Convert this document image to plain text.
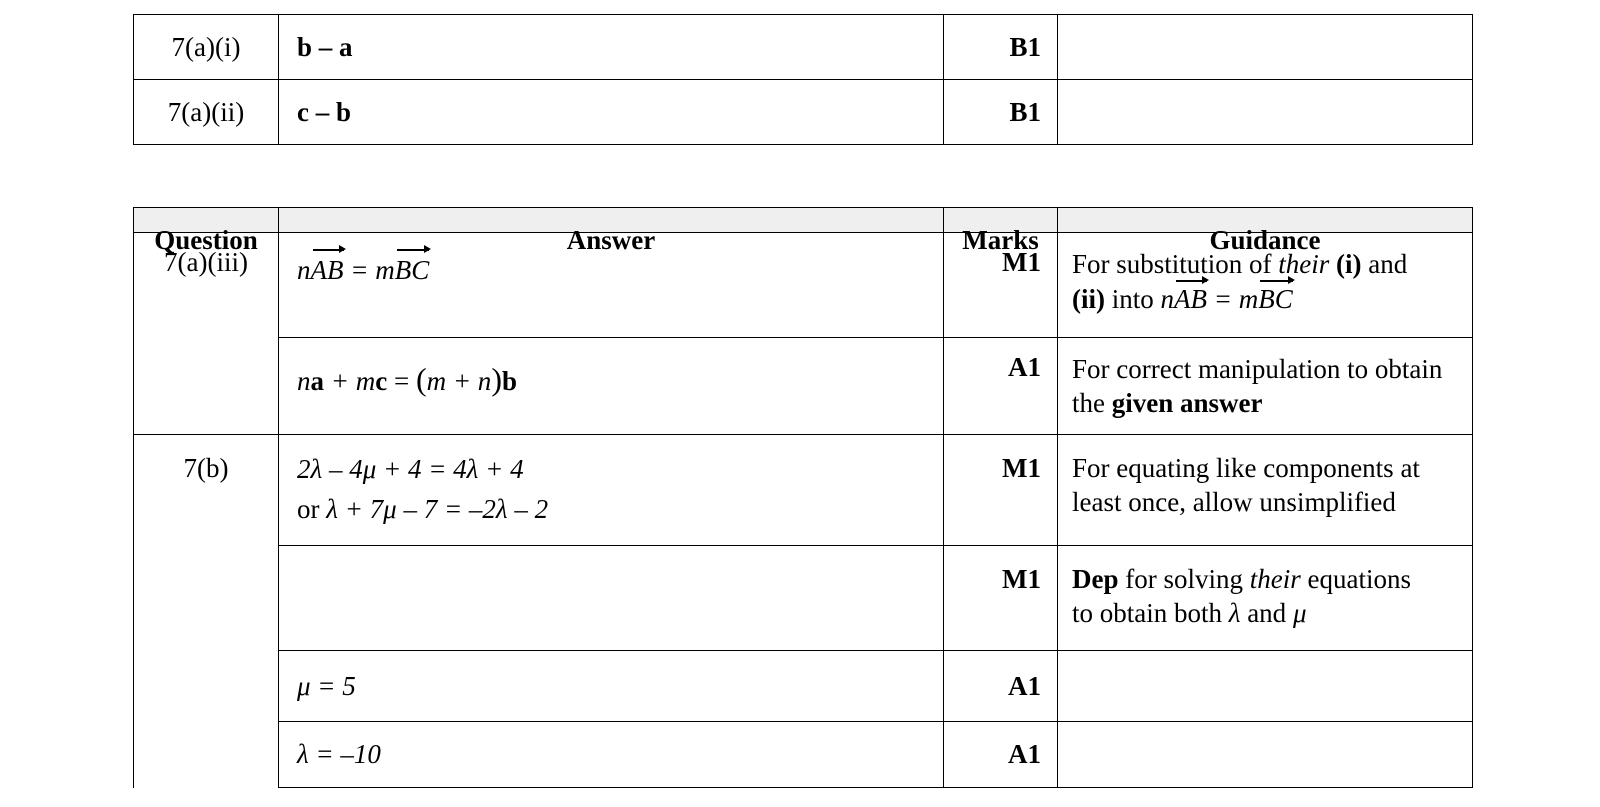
7(a)(i)	b – a	B1	
7(a)(ii)	c – b	B1	
Question	Answer	Marks	Guidance

7(a)(iii)	nAB = mBC	M1	For substitution of their (i) and
(ii) into nAB = mBC

	na + mc = (m + n)b	A1	For correct manipulation to obtain the given answer

7(b)	2λ – 4μ + 4 = 4λ + 4
or λ + 7μ – 7 = –2λ – 2	M1	For equating like components at least once, allow unsimplified

		M1	Dep for solving their equations
to obtain both λ and μ

	μ = 5	A1	

	λ = –10	A1	
